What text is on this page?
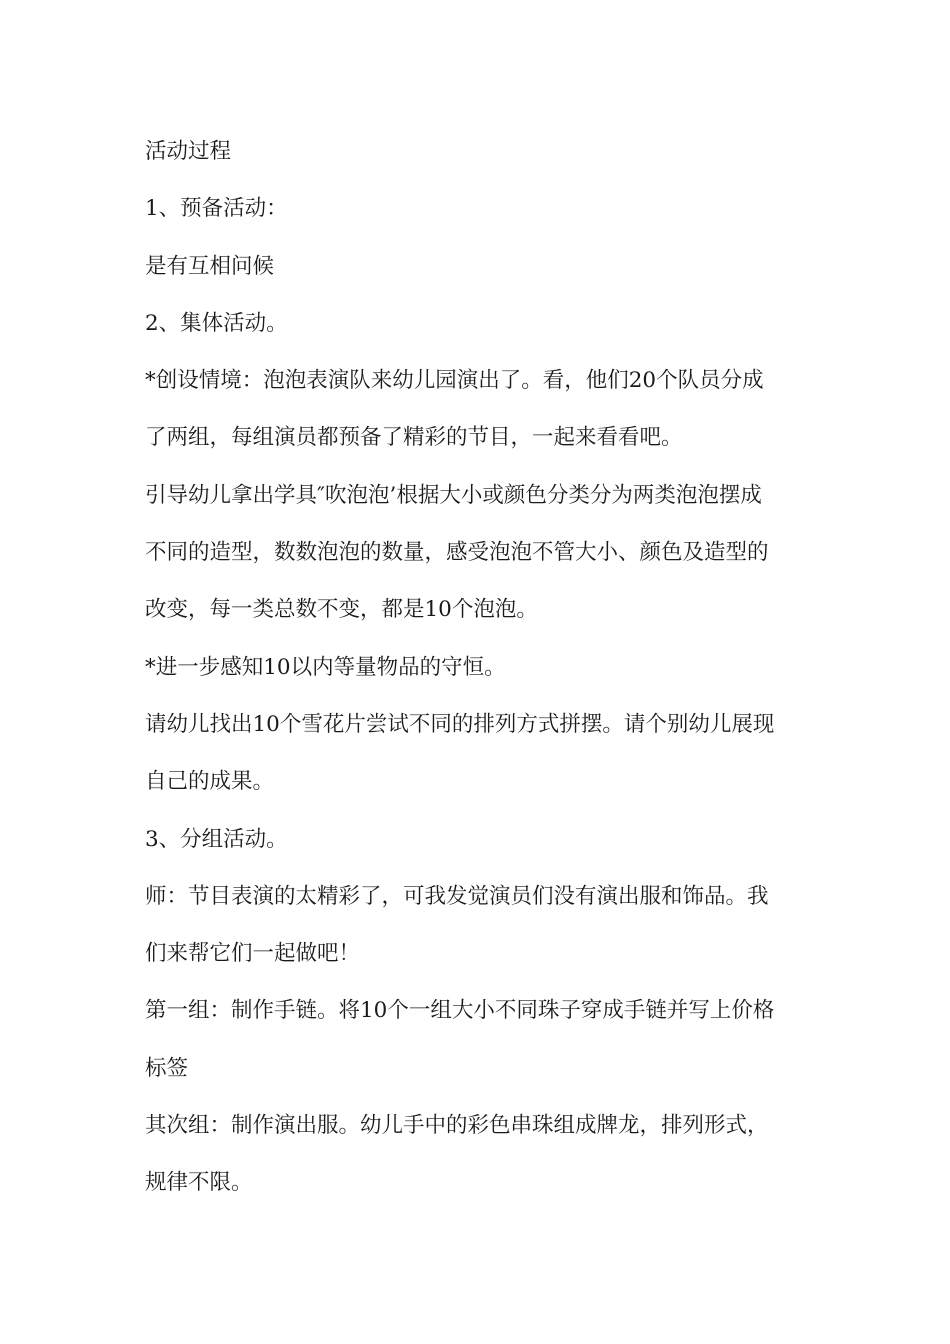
活动过程
1、预备活动：
是有互相问候
2、集体活动。
*创设情境：泡泡表演队来幼儿园演出了。看，他们20个队员分成
了两组，每组演员都预备了精彩的节目，一起来看看吧。
引导幼儿拿出学具″吹泡泡’根据大小或颜色分类分为两类泡泡摆成
不同的造型，数数泡泡的数量，感受泡泡不管大小、颜色及造型的
改变，每一类总数不变，都是10个泡泡。
*进一步感知10以内等量物品的守恒。
请幼儿找出10个雪花片尝试不同的排列方式拼摆。请个别幼儿展现
自己的成果。
3、分组活动。
师：节目表演的太精彩了，可我发觉演员们没有演出服和饰品。我
们来帮它们一起做吧！
第一组：制作手链。将10个一组大小不同珠子穿成手链并写上价格
标签
其次组：制作演出服。幼儿手中的彩色串珠组成牌龙，排列形式，
规律不限。
